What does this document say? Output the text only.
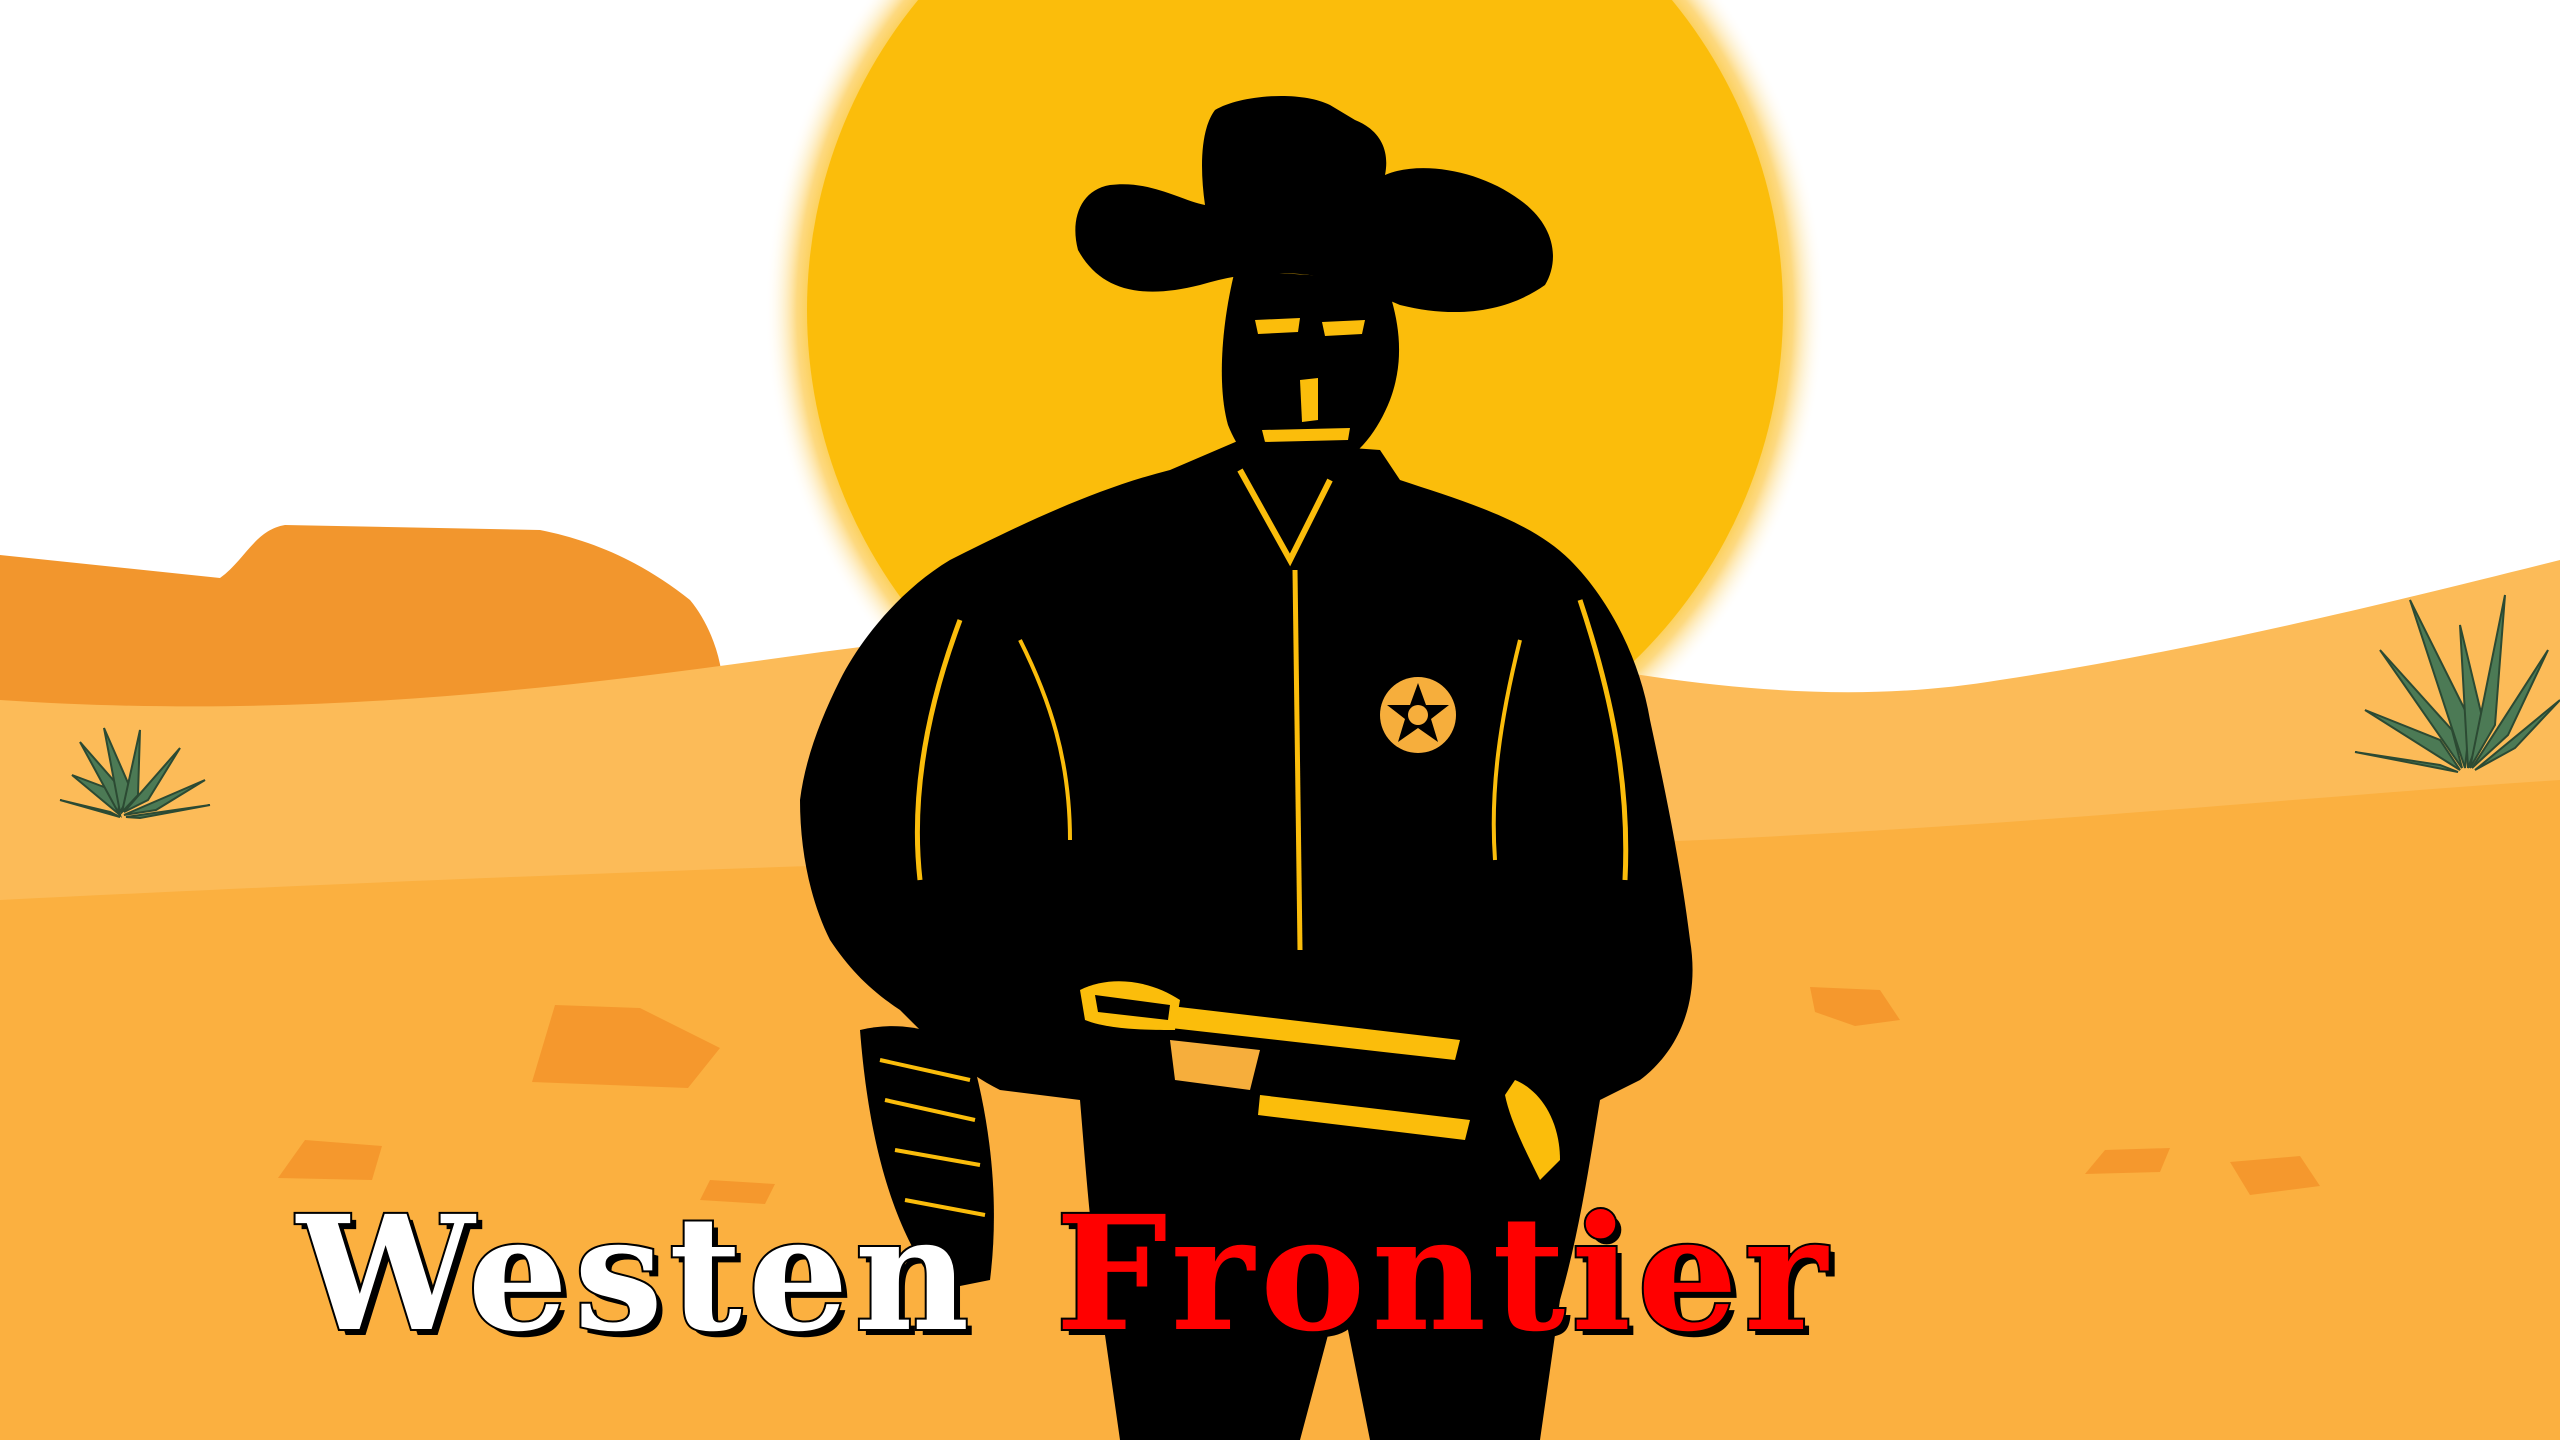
Westen Frontier
